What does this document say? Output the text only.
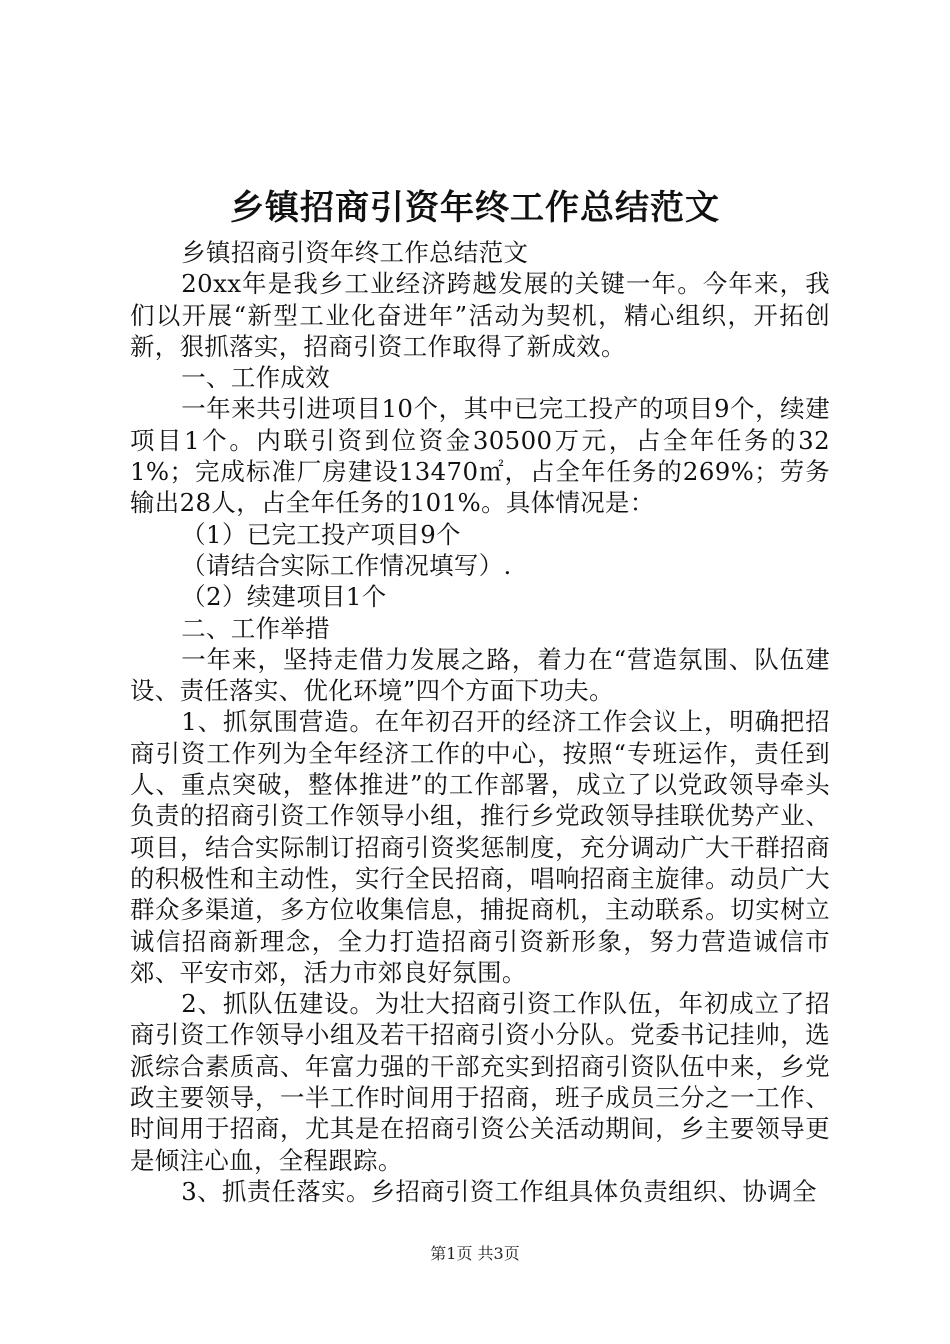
乡镇招商引资年终工作总结范文

乡镇招商引资年终工作总结范文

20xx年是我乡工业经济跨越发展的关键一年。今年来，我们以开展“新型工业化奋进年”活动为契机，精心组织，开拓创新，狠抓落实，招商引资工作取得了新成效。

一、工作成效

一年来共引进项目10个，其中已完工投产的项目9个，续建项目1个。内联引资到位资金30500万元，占全年任务的321%；完成标准厂房建设13470㎡，占全年任务的269%；劳务输出28人，占全年任务的101%。具体情况是：

（1）已完工投产项目9个

（请结合实际工作情况填写）.

（2）续建项目1个

二、工作举措

一年来，坚持走借力发展之路，着力在“营造氛围、队伍建设、责任落实、优化环境”四个方面下功夫。

1、抓氛围营造。在年初召开的经济工作会议上，明确把招商引资工作列为全年经济工作的中心，按照“专班运作，责任到人、重点突破，整体推进”的工作部署，成立了以党政领导牵头负责的招商引资工作领导小组，推行乡党政领导挂联优势产业、项目，结合实际制订招商引资奖惩制度，充分调动广大干群招商的积极性和主动性，实行全民招商，唱响招商主旋律。动员广大群众多渠道，多方位收集信息，捕捉商机，主动联系。切实树立诚信招商新理念，全力打造招商引资新形象，努力营造诚信市郊、平安市郊，活力市郊良好氛围。

2、抓队伍建设。为壮大招商引资工作队伍，年初成立了招商引资工作领导小组及若干招商引资小分队。党委书记挂帅，选派综合素质高、年富力强的干部充实到招商引资队伍中来，乡党政主要领导，一半工作时间用于招商，班子成员三分之一工作、时间用于招商，尤其是在招商引资公关活动期间，乡主要领导更是倾注心血，全程跟踪。

3、抓责任落实。乡招商引资工作组具体负责组织、协调全

第1页 共3页
